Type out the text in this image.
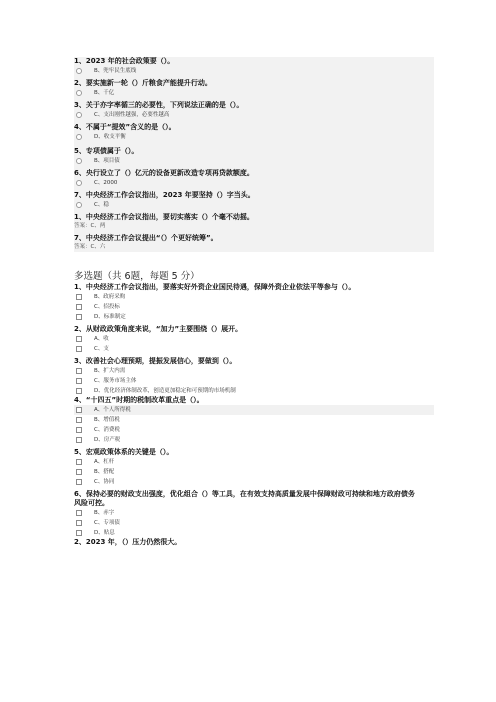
1、2023 年的社会政策要（）。
B、兜牢民生底线
2、要实施新一轮（）斤粮食产能提升行动。
B、千亿
3、关于亦字率循三的必要性，下列说法正确的是（）。
C、支出刚性越强，必要性越高
4、不属于“提效”含义的是（）。
D、收支平衡
5、专项债属于（）。
B、项目债
6、央行设立了（）亿元的设备更新改造专项再贷款额度。
C、2000
7、中央经济工作会议指出，2023 年要坚持（）字当头。
C、稳
1、中央经济工作会议指出，要切实落实（）个毫不动摇。
答案：C、两
7、中央经济工作会议提出“（）个更好统筹”。
答案：C、六
多选题（共 6题，每题 5 分）
1、中央经济工作会议指出，要落实好外资企业国民待遇，保障外资企业依法平等参与（）。
B、政府采购
C、招投标
D、标准制定
2、从财政政策角度来说，“加力”主要围绕（）展开。
A、收
C、支
3、改善社会心理预期，提振发展信心，要做到（）。
B、扩大内需
C、服务市场主体
D、优化经济体制改革，创造更加稳定和可预期的市场机制
4、“十四五”时期的税制改革重点是（）。
A、个人所得税
B、增值税
C、消费税
D、房产税
5、宏观政策体系的关键是（）。
A、杠杆
B、搭配
C、协同
6、保持必要的财政支出强度，优化组合（）等工具，在有效支持高质量发展中保障财政可持续和地方政府债务风险可控。
B、赤字
C、专项债
D、贴息
2、2023 年，（）压力仍然很大。
